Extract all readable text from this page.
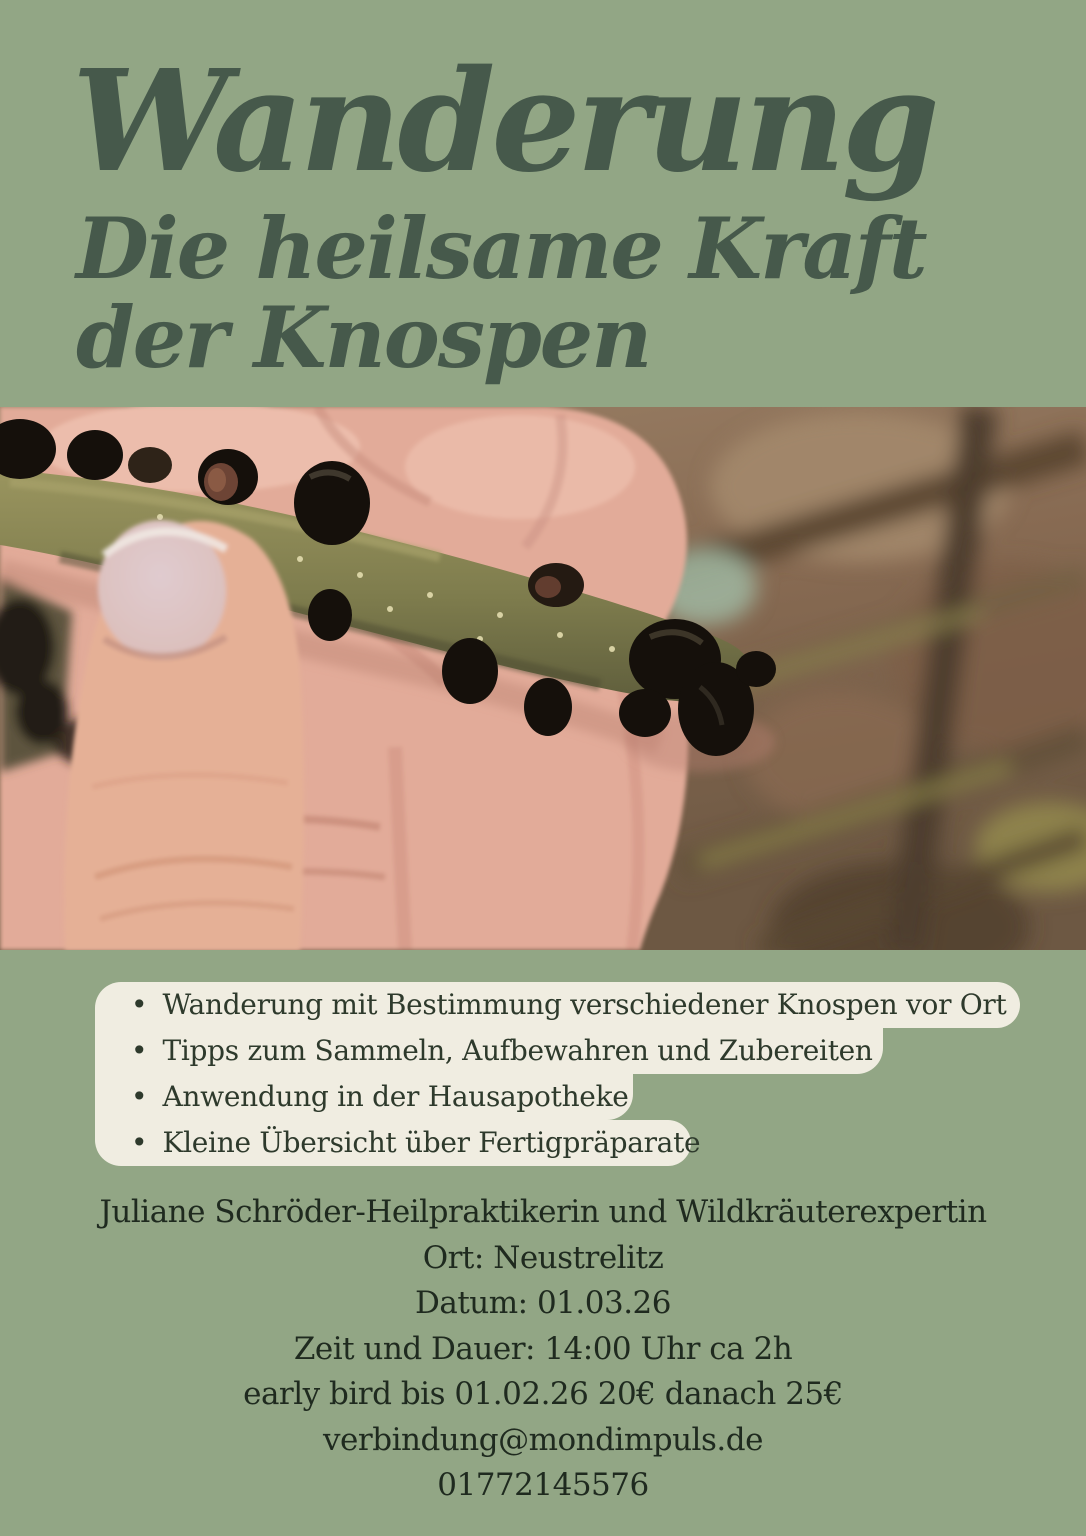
Wanderung
Die heilsame Kraft
der Knospen
• Wanderung mit Bestimmung verschiedener Knospen vor Ort
• Tipps zum Sammeln, Aufbewahren und Zubereiten
• Anwendung in der Hausapotheke
• Kleine Übersicht über Fertigpräparate
Juliane Schröder-Heilpraktikerin und Wildkräuterexpertin
Ort: Neustrelitz
Datum: 01.03.26
Zeit und Dauer: 14:00 Uhr ca 2h
early bird bis 01.02.26 20€ danach 25€
verbindung@mondimpuls.de
01772145576
